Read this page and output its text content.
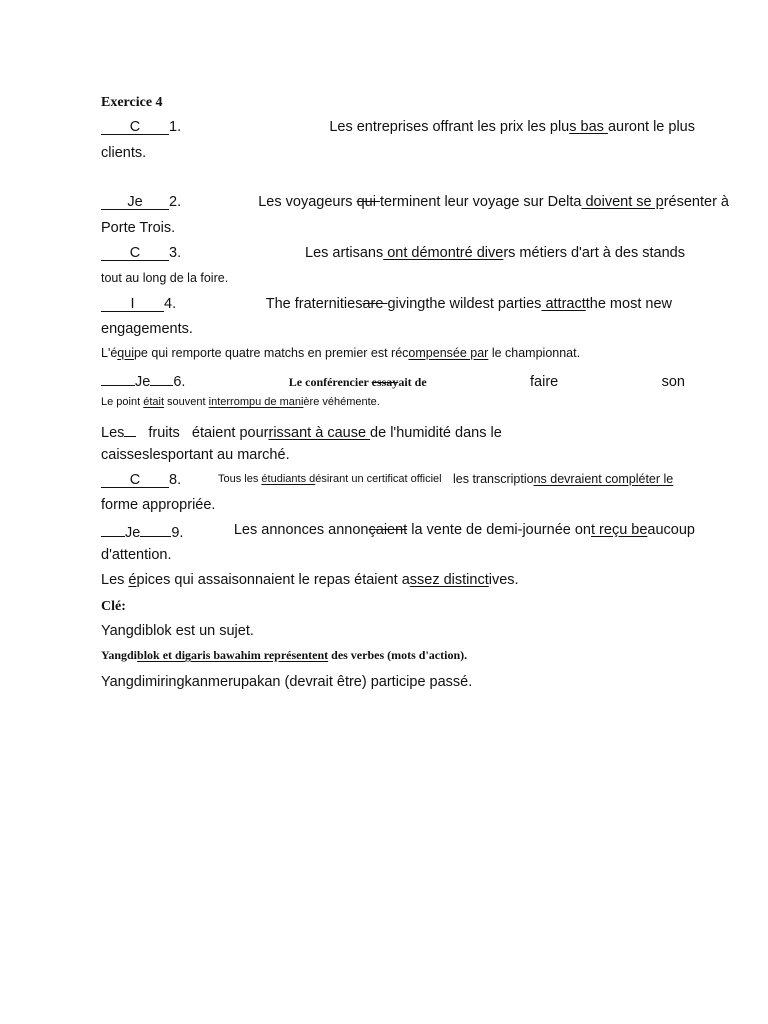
Exercice 4
C 1.	Les entreprises offrant les prix les plus bas auront le plus
clients.
Je 2.	Les voyageurs qui terminent leur voyage sur Delta doivent se présenter à
Porte Trois.
C 3.	Les artisans ont démontré divers métiers d'art à des stands
tout au long de la foire.
I 4.	The fraternitiesare givingthe wildest parties attractthe most new
engagements.
L'équipe qui remporte quatre matchs en premier est récompensée par le championnat.
Je 6.	Le conférencier essayait de	faire	son
Le point était souvent interrompu de manière véhémente.
Les fruits   étaient pourrissant à cause de l'humidité dans le
caisseslesportant au marché.
C 8.	Tous les étudiants désirant un certificat officiel les transcriptions devraient compléter le
forme appropriée.
Je 9.	Les annonces annonçaient la vente de demi-journée ont reçu beaucoup
d'attention.
Les épices qui assaisonnaient le repas étaient assez distinctives.
Clé:
Yangdiblok est un sujet.
Yangdiblok et digaris bawahim représentent des verbes (mots d'action).
Yangdimiringkanmerupakan (devrait être) participe passé.
